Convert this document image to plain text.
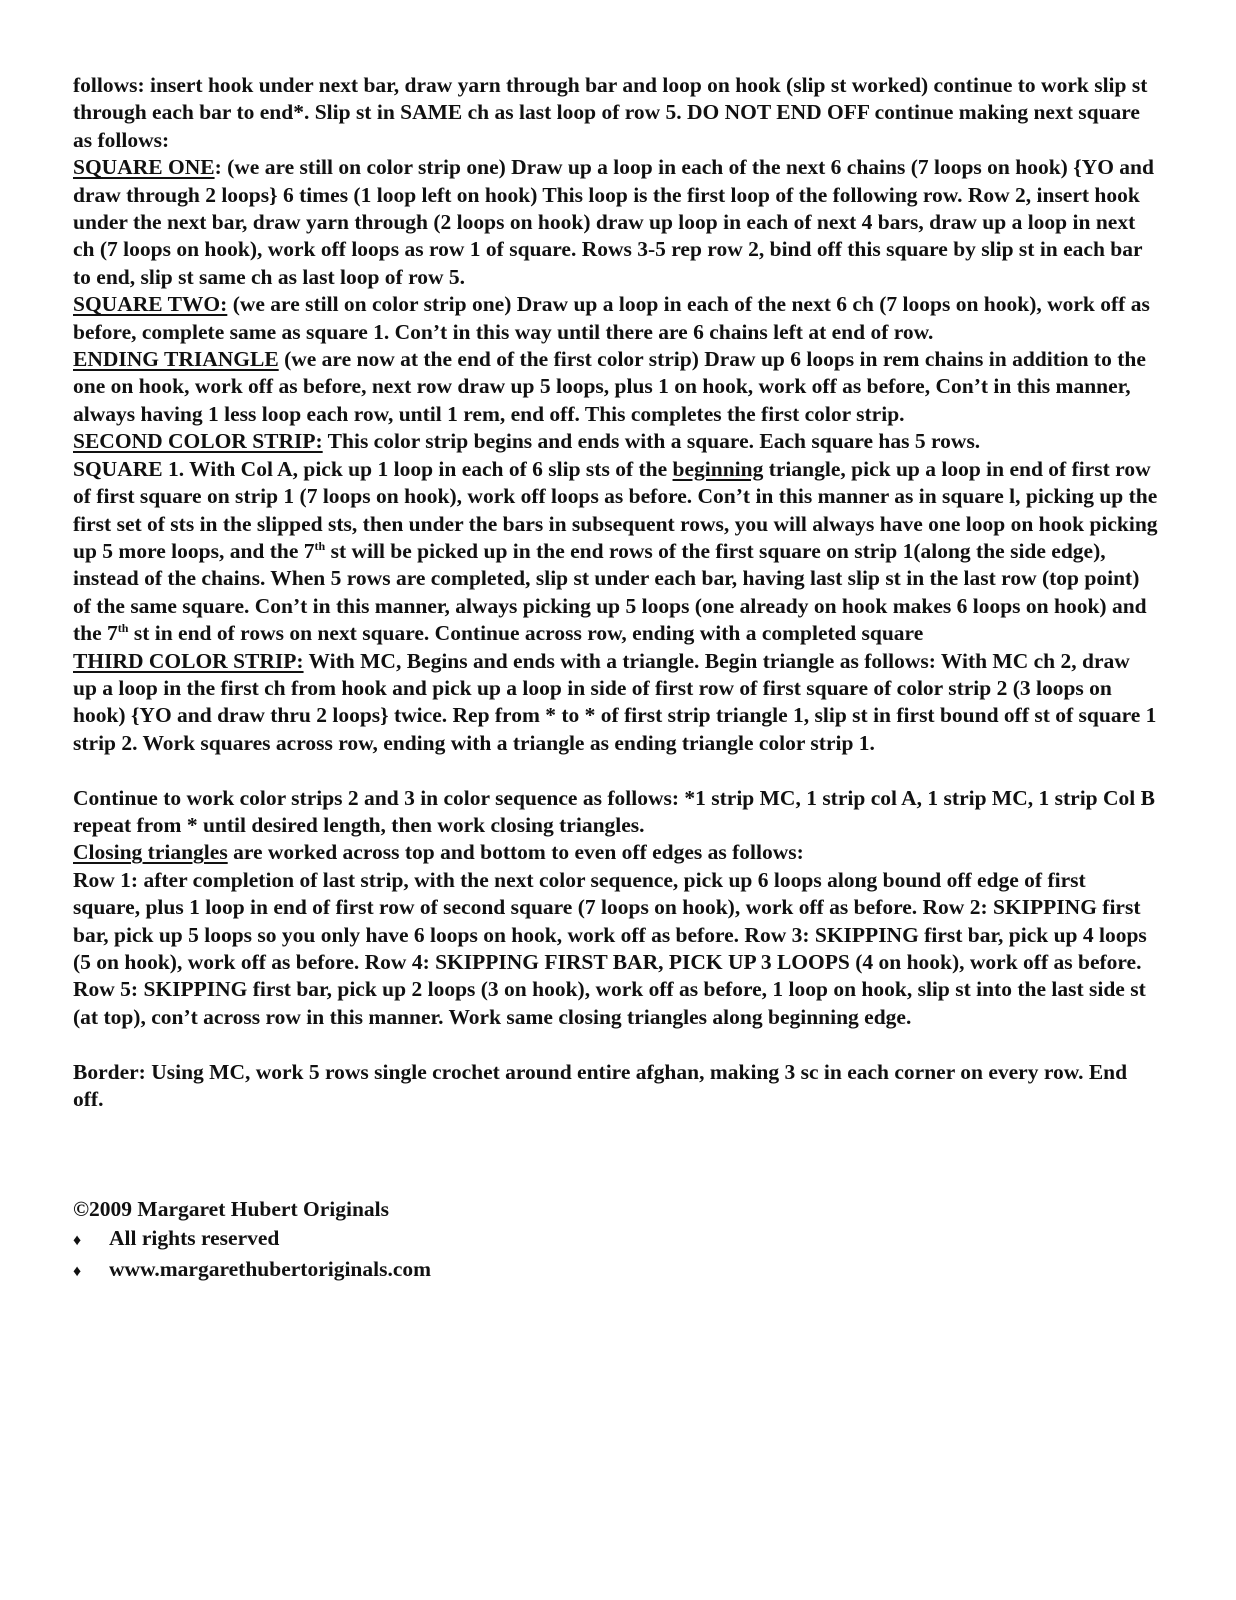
follows: insert hook under next bar, draw yarn through bar and loop on hook (slip st worked) continue to work slip st through each bar to end*. Slip st in SAME ch as last loop of row 5. DO NOT END OFF continue making next square as follows:

SQUARE ONE: (we are still on color strip one) Draw up a loop in each of the next 6 chains (7 loops on hook) {YO and draw through 2 loops} 6 times (1 loop left on hook) This loop is the first loop of the following row. Row 2, insert hook under the next bar, draw yarn through (2 loops on hook) draw up loop in each of next 4 bars, draw up a loop in next ch (7 loops on hook), work off loops as row 1 of square. Rows 3-5 rep row 2, bind off this square by slip st in each bar to end, slip st same ch as last loop of row 5.

SQUARE TWO: (we are still on color strip one) Draw up a loop in each of the next 6 ch (7 loops on hook), work off as before, complete same as square 1. Con’t in this way until there are 6 chains left at end of row.

ENDING TRIANGLE (we are now at the end of the first color strip) Draw up 6 loops in rem chains in addition to the one on hook, work off as before, next row draw up 5 loops, plus 1 on hook, work off as before, Con’t in this manner, always having 1 less loop each row, until 1 rem, end off. This completes the first color strip.

SECOND COLOR STRIP: This color strip begins and ends with a square. Each square has 5 rows.

SQUARE 1. With Col A, pick up 1 loop in each of 6 slip sts of the beginning triangle, pick up a loop in end of first row of first square on strip 1 (7 loops on hook), work off loops as before. Con’t in this manner as in square l, picking up the first set of sts in the slipped sts, then under the bars in subsequent rows, you will always have one loop on hook picking up 5 more loops, and the 7th st will be picked up in the end rows of the first square on strip 1(along the side edge), instead of the chains. When 5 rows are completed, slip st under each bar, having last slip st in the last row (top point) of the same square. Con’t in this manner, always picking up 5 loops (one already on hook makes 6 loops on hook) and the 7th st in end of rows on next square. Continue across row, ending with a completed square

THIRD COLOR STRIP: With MC, Begins and ends with a triangle. Begin triangle as follows: With MC ch 2, draw up a loop in the first ch from hook and pick up a loop in side of first row of first square of color strip 2 (3 loops on hook) {YO and draw thru 2 loops} twice. Rep from * to * of first strip triangle 1, slip st in first bound off st of square 1 strip 2. Work squares across row, ending with a triangle as ending triangle color strip 1.

Continue to work color strips 2 and 3 in color sequence as follows: *1 strip MC, 1 strip col A, 1 strip MC, 1 strip Col B repeat from * until desired length, then work closing triangles.

Closing triangles are worked across top and bottom to even off edges as follows:

Row 1: after completion of last strip, with the next color sequence, pick up 6 loops along bound off edge of first square, plus 1 loop in end of first row of second square (7 loops on hook), work off as before. Row 2: SKIPPING first bar, pick up 5 loops so you only have 6 loops on hook, work off as before. Row 3: SKIPPING first bar, pick up 4 loops (5 on hook), work off as before. Row 4: SKIPPING FIRST BAR, PICK UP 3 LOOPS (4 on hook), work off as before. Row 5: SKIPPING first bar, pick up 2 loops (3 on hook), work off as before, 1 loop on hook, slip st into the last side st (at top), con’t across row in this manner. Work same closing triangles along beginning edge.

Border: Using MC, work 5 rows single crochet around entire afghan, making 3 sc in each corner on every row. End off.

©2009 Margaret Hubert Originals
♦	All rights reserved
♦	www.margarethubertoriginals.com
